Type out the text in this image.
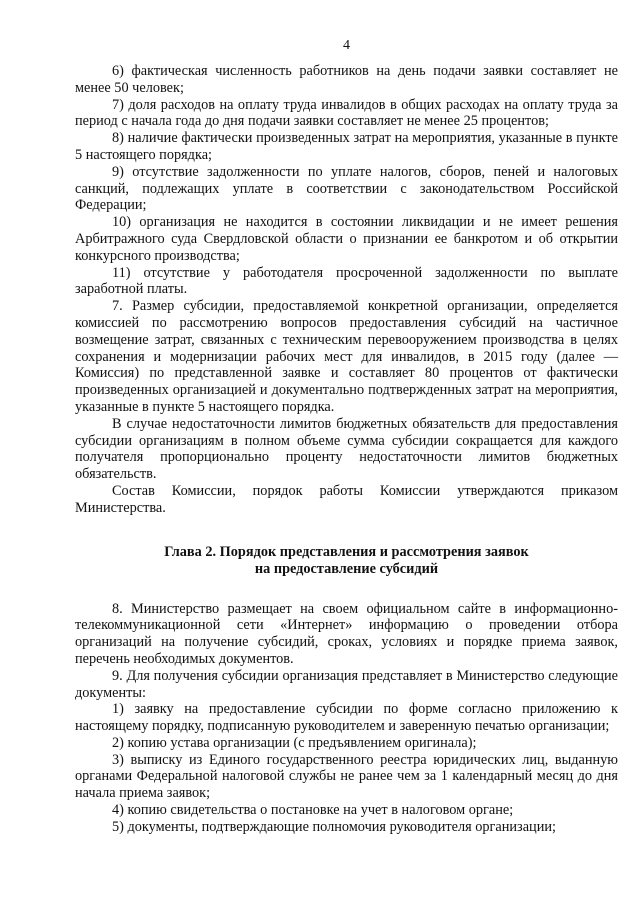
4

6) фактическая численность работников на день подачи заявки составляет не менее 50 человек;

7) доля расходов на оплату труда инвалидов в общих расходах на оплату труда за период с начала года до дня подачи заявки составляет не менее 25 процентов;

8) наличие фактически произведенных затрат на мероприятия, указанные в пункте 5 настоящего порядка;

9) отсутствие задолженности по уплате налогов, сборов, пеней и налоговых санкций, подлежащих уплате в соответствии с законодательством Российской Федерации;

10) организация не находится в состоянии ликвидации и не имеет решения Арбитражного суда Свердловской области о признании ее банкротом и об открытии конкурсного производства;

11) отсутствие у работодателя просроченной задолженности по выплате заработной платы.

7. Размер субсидии, предоставляемой конкретной организации, определяется комиссией по рассмотрению вопросов предоставления субсидий на частичное возмещение затрат, связанных с техническим перевооружением производства в целях сохранения и модернизации рабочих мест для инвалидов, в 2015 году (далее — Комиссия) по представленной заявке и составляет 80 процентов от фактически произведенных организацией и документально подтвержденных затрат на мероприятия, указанные в пункте 5 настоящего порядка.

В случае недостаточности лимитов бюджетных обязательств для предоставления субсидии организациям в полном объеме сумма субсидии сокращается для каждого получателя пропорционально проценту недостаточности лимитов бюджетных обязательств.

Состав Комиссии, порядок работы Комиссии утверждаются приказом Министерства.

Глава 2. Порядок представления и рассмотрения заявок
на предоставление субсидий

8. Министерство размещает на своем официальном сайте в информационно-телекоммуникационной сети «Интернет» информацию о проведении отбора организаций на получение субсидий, сроках, условиях и порядке приема заявок, перечень необходимых документов.

9. Для получения субсидии организация представляет в Министерство следующие документы:

1) заявку на предоставление субсидии по форме согласно приложению к настоящему порядку, подписанную руководителем и заверенную печатью организации;

2) копию устава организации (с предъявлением оригинала);

3) выписку из Единого государственного реестра юридических лиц, выданную органами Федеральной налоговой службы не ранее чем за 1 календарный месяц до дня начала приема заявок;

4) копию свидетельства о постановке на учет в налоговом органе;

5) документы, подтверждающие полномочия руководителя организации;
